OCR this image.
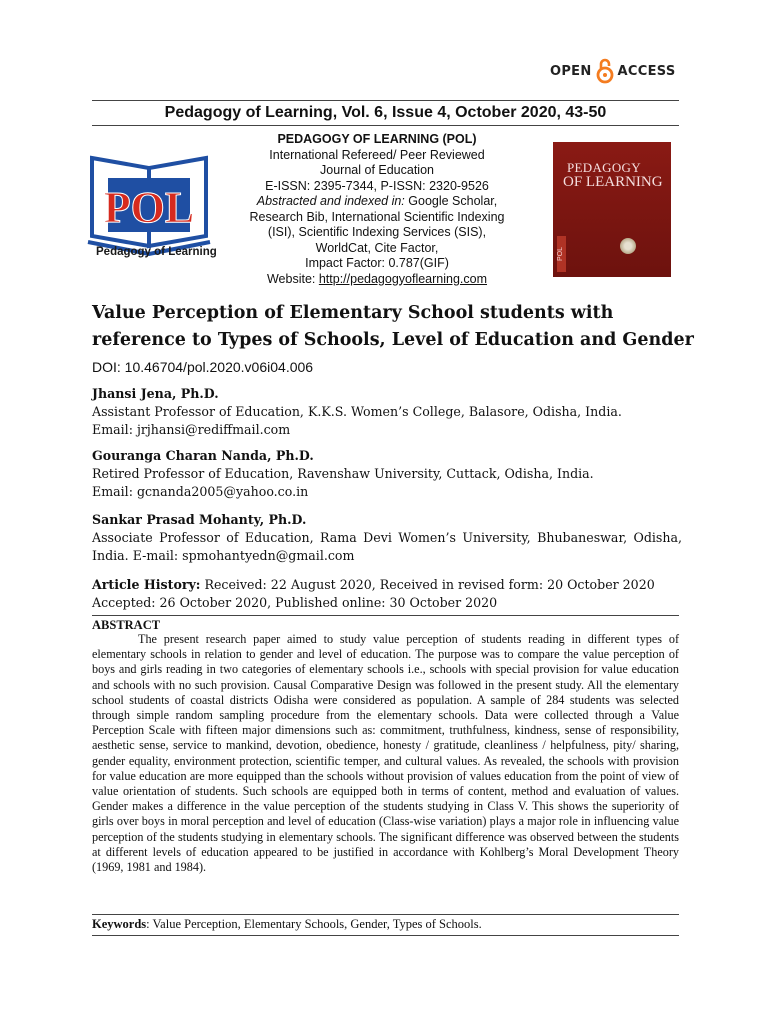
OPEN ACCESS
Pedagogy of Learning, Vol. 6, Issue 4, October 2020, 43-50
POL
Pedagogy of Learning
PEDAGOGY OF LEARNING (POL)
International Refereed/ Peer Reviewed
Journal of Education
E-ISSN: 2395-7344, P-ISSN: 2320-9526
Abstracted and indexed in: Google Scholar,
Research Bib, International Scientific Indexing
(ISI), Scientific Indexing Services (SIS),
WorldCat, Cite Factor,
Impact Factor: 0.787(GIF)
Website: http://pedagogyoflearning.com
PEDAGOGY
OF LEARNING
POL
Value Perception of Elementary School students with reference to Types of Schools, Level of Education and Gender
DOI: 10.46704/pol.2020.v06i04.006
Jhansi Jena, Ph.D.
Assistant Professor of Education, K.K.S. Women’s College, Balasore, Odisha, India.
Email: jrjhansi@rediffmail.com
Gouranga Charan Nanda, Ph.D.
Retired Professor of Education, Ravenshaw University, Cuttack, Odisha, India.
Email: gcnanda2005@yahoo.co.in
Sankar Prasad Mohanty, Ph.D.
Associate Professor of Education, Rama Devi Women’s University, Bhubaneswar, Odisha, India. E-mail: spmohantyedn@gmail.com
Article History: Received: 22 August 2020, Received in revised form: 20 October 2020
Accepted: 26 October 2020, Published online: 30 October 2020
ABSTRACT
The present research paper aimed to study value perception of students reading in different types of elementary schools in relation to gender and level of education. The purpose was to compare the value perception of boys and girls reading in two categories of elementary schools i.e., schools with special provision for value education and schools with no such provision. Causal Comparative Design was followed in the present study. All the elementary school students of coastal districts Odisha were considered as population. A sample of 284 students was selected through simple random sampling procedure from the elementary schools. Data were collected through a Value Perception Scale with fifteen major dimensions such as: commitment, truthfulness, kindness, sense of responsibility, aesthetic sense, service to mankind, devotion, obedience, honesty / gratitude, cleanliness / helpfulness, pity/ sharing, gender equality, environment protection, scientific temper, and cultural values. As revealed, the schools with provision for value education are more equipped than the schools without provision of values education from the point of view of value orientation of students. Such schools are equipped both in terms of content, method and evaluation of values. Gender makes a difference in the value perception of the students studying in Class V. This shows the superiority of girls over boys in moral perception and level of education (Class-wise variation) plays a major role in influencing value perception of the students studying in elementary schools. The significant difference was observed between the students at different levels of education appeared to be justified in accordance with Kohlberg’s Moral Development Theory (1969, 1981 and 1984).
Keywords: Value Perception, Elementary Schools, Gender, Types of Schools.
